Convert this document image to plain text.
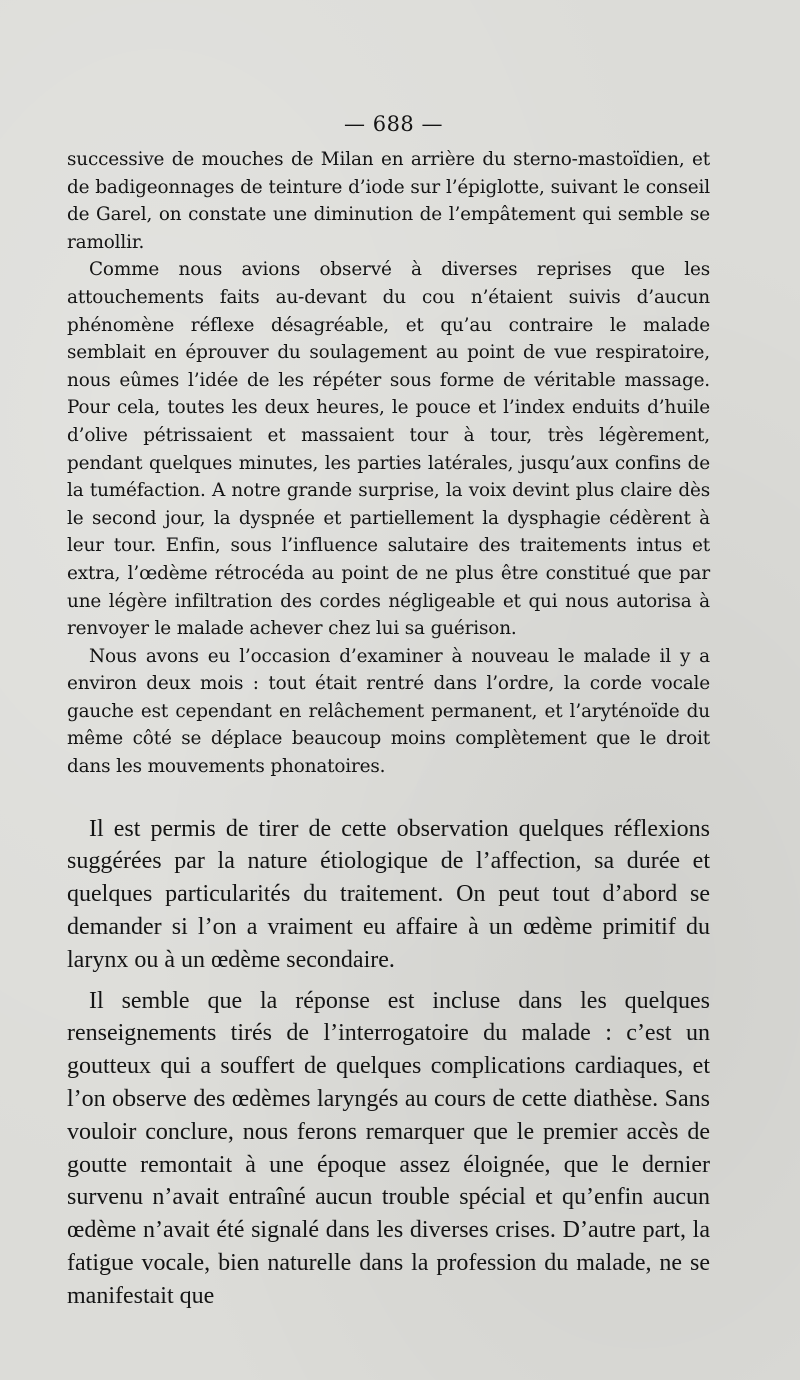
— 688 —

successive de mouches de Milan en arrière du sterno-mastoïdien, et de badigeonnages de teinture d’iode sur l’épiglotte, suivant le conseil de Garel, on constate une diminution de l’empâtement qui semble se ramollir.

Comme nous avions observé à diverses reprises que les attouchements faits au-devant du cou n’étaient suivis d’aucun phénomène réflexe désagréable, et qu’au contraire le malade semblait en éprouver du soulagement au point de vue respiratoire, nous eûmes l’idée de les répéter sous forme de véritable massage. Pour cela, toutes les deux heures, le pouce et l’index enduits d’huile d’olive pétrissaient et massaient tour à tour, très légèrement, pendant quelques minutes, les parties latérales, jusqu’aux confins de la tuméfaction. A notre grande surprise, la voix devint plus claire dès le second jour, la dyspnée et partiellement la dysphagie cédèrent à leur tour. Enfin, sous l’influence salutaire des traitements intus et extra, l’œdème rétrocéda au point de ne plus être constitué que par une légère infiltration des cordes négligeable et qui nous autorisa à renvoyer le malade achever chez lui sa guérison.

Nous avons eu l’occasion d’examiner à nouveau le malade il y a environ deux mois : tout était rentré dans l’ordre, la corde vocale gauche est cependant en relâchement permanent, et l’aryténoïde du même côté se déplace beaucoup moins complètement que le droit dans les mouvements phonatoires.

Il est permis de tirer de cette observation quelques réflexions suggérées par la nature étiologique de l’affection, sa durée et quelques particularités du traitement. On peut tout d’abord se demander si l’on a vraiment eu affaire à un œdème primitif du larynx ou à un œdème secondaire.

Il semble que la réponse est incluse dans les quelques renseignements tirés de l’interrogatoire du malade : c’est un goutteux qui a souffert de quelques complications cardiaques, et l’on observe des œdèmes laryngés au cours de cette diathèse. Sans vouloir conclure, nous ferons remarquer que le premier accès de goutte remontait à une époque assez éloignée, que le dernier survenu n’avait entraîné aucun trouble spécial et qu’enfin aucun œdème n’avait été signalé dans les diverses crises. D’autre part, la fatigue vocale, bien naturelle dans la profession du malade, ne se manifestait que
